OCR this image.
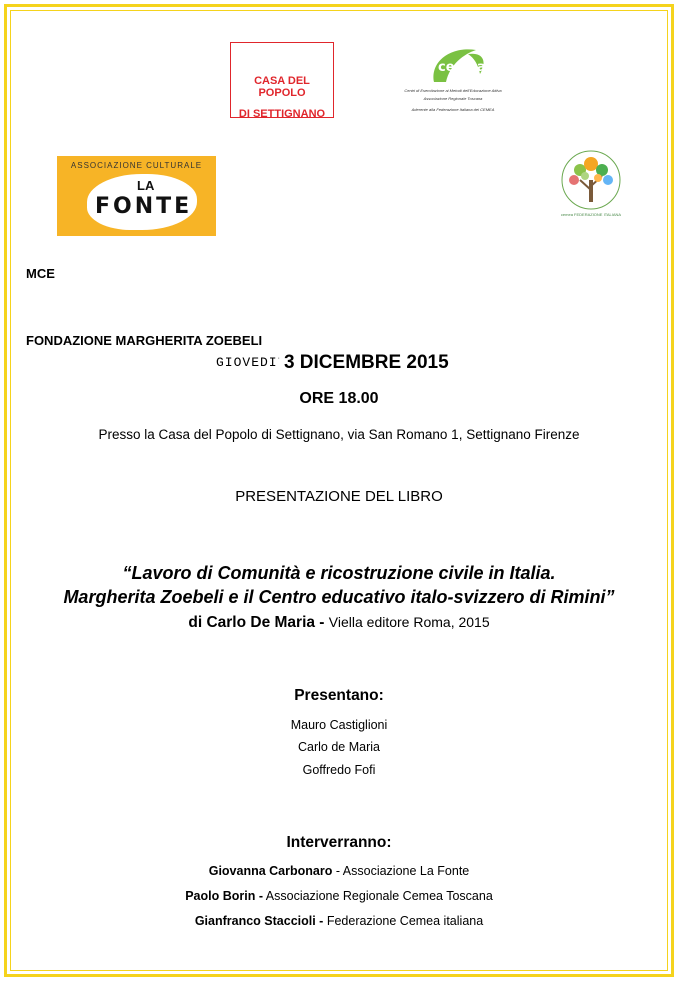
CASA DEL POPOLO
DI SETTIGNANO
cemea
Centri di Esercitazione ai Metodi dell'Educazione Attiva
Associazione Regionale Toscana
Aderente alla Federazione Italiana dei CEMEA
ASSOCIAZIONE CULTURALE
LA
FONTE	cemea FEDERAZIONE ITALIANA
MCE
FONDAZIONE MARGHERITA ZOEBELI
GIOVEDI· 3 DICEMBRE 2015
ORE 18.00
Presso la Casa del Popolo di Settignano, via San Romano 1, Settignano Firenze
PRESENTAZIONE DEL LIBRO
“Lavoro di Comunità e ricostruzione civile in Italia.
Margherita Zoebeli e il Centro educativo italo-svizzero di Rimini”
di Carlo De Maria - Viella editore Roma, 2015
Presentano:
Mauro Castiglioni
Carlo de Maria
Goffredo Fofi
Interverranno:
Giovanna Carbonaro - Associazione La Fonte
Paolo Borin - Associazione Regionale Cemea Toscana
Gianfranco Staccioli - Federazione Cemea italiana
